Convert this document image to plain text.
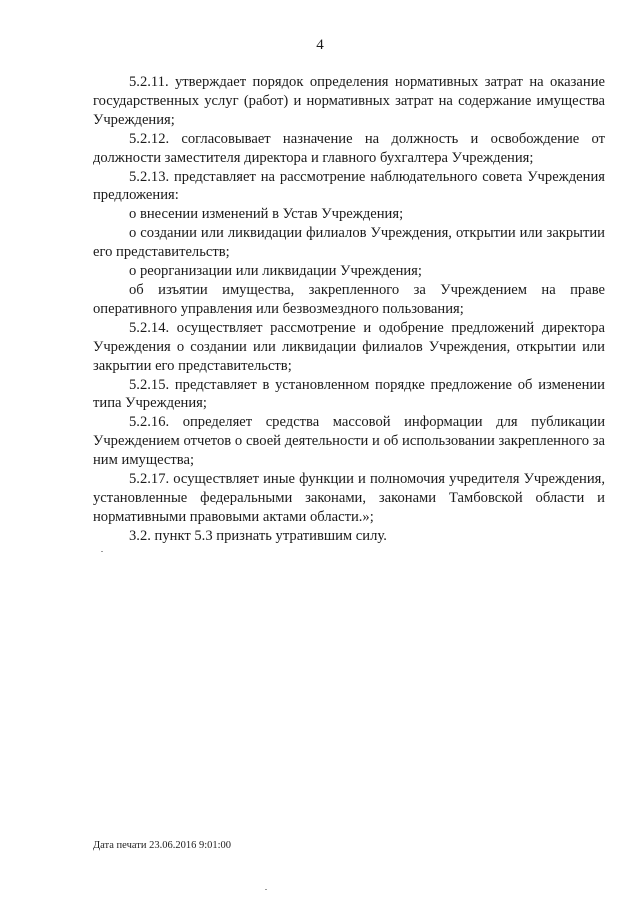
4

5.2.11. утверждает порядок определения нормативных затрат на оказание государственных услуг (работ) и нормативных затрат на содержание имущества Учреждения;

5.2.12. согласовывает назначение на должность и освобождение от должности заместителя директора и главного бухгалтера Учреждения;

5.2.13. представляет на рассмотрение наблюдательного совета Учреждения предложения:

о внесении изменений в Устав Учреждения;

о создании или ликвидации филиалов Учреждения, открытии или закрытии его представительств;

о реорганизации или ликвидации Учреждения;

об изъятии имущества, закрепленного за Учреждением на праве оперативного управления или безвозмездного пользования;

5.2.14. осуществляет рассмотрение и одобрение предложений директора Учреждения о создании или ликвидации филиалов Учреждения, открытии или закрытии его представительств;

5.2.15. представляет в установленном порядке предложение об изменении типа Учреждения;

5.2.16. определяет средства массовой информации для публикации Учреждением отчетов о своей деятельности и об использовании закрепленного за ним имущества;

5.2.17. осуществляет иные функции и полномочия учредителя Учреждения, установленные федеральными законами, законами Тамбовской области и нормативными правовыми актами области.»;

3.2. пункт 5.3 признать утратившим силу.

Дата печати 23.06.2016 9:01:00
